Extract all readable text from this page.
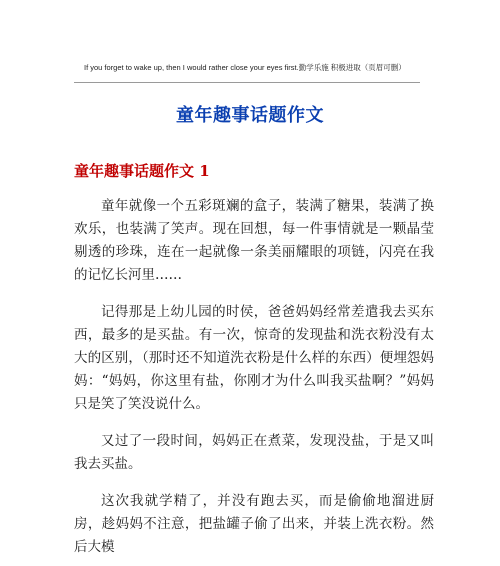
If you forget to wake up, then I would rather close your eyes first.勤学乐施 积极进取（页眉可删）
童年趣事话题作文
童年趣事话题作文 1

童年就像一个五彩斑斓的盒子，装满了糖果，装满了换欢乐，也装满了笑声。现在回想，每一件事情就是一颗晶莹剔透的珍珠，连在一起就像一条美丽耀眼的项链，闪亮在我的记忆长河里……

记得那是上幼儿园的时侯，爸爸妈妈经常差遣我去买东西，最多的是买盐。有一次，惊奇的发现盐和洗衣粉没有太大的区别，（那时还不知道洗衣粉是什么样的东西）便埋怨妈妈：“妈妈，你这里有盐，你刚才为什么叫我买盐啊？”妈妈只是笑了笑没说什么。

又过了一段时间，妈妈正在煮菜，发现没盐，于是又叫我去买盐。

这次我就学精了，并没有跑去买，而是偷偷地溜进厨房，趁妈妈不注意，把盐罐子偷了出来，并装上洗衣粉。然后大模
